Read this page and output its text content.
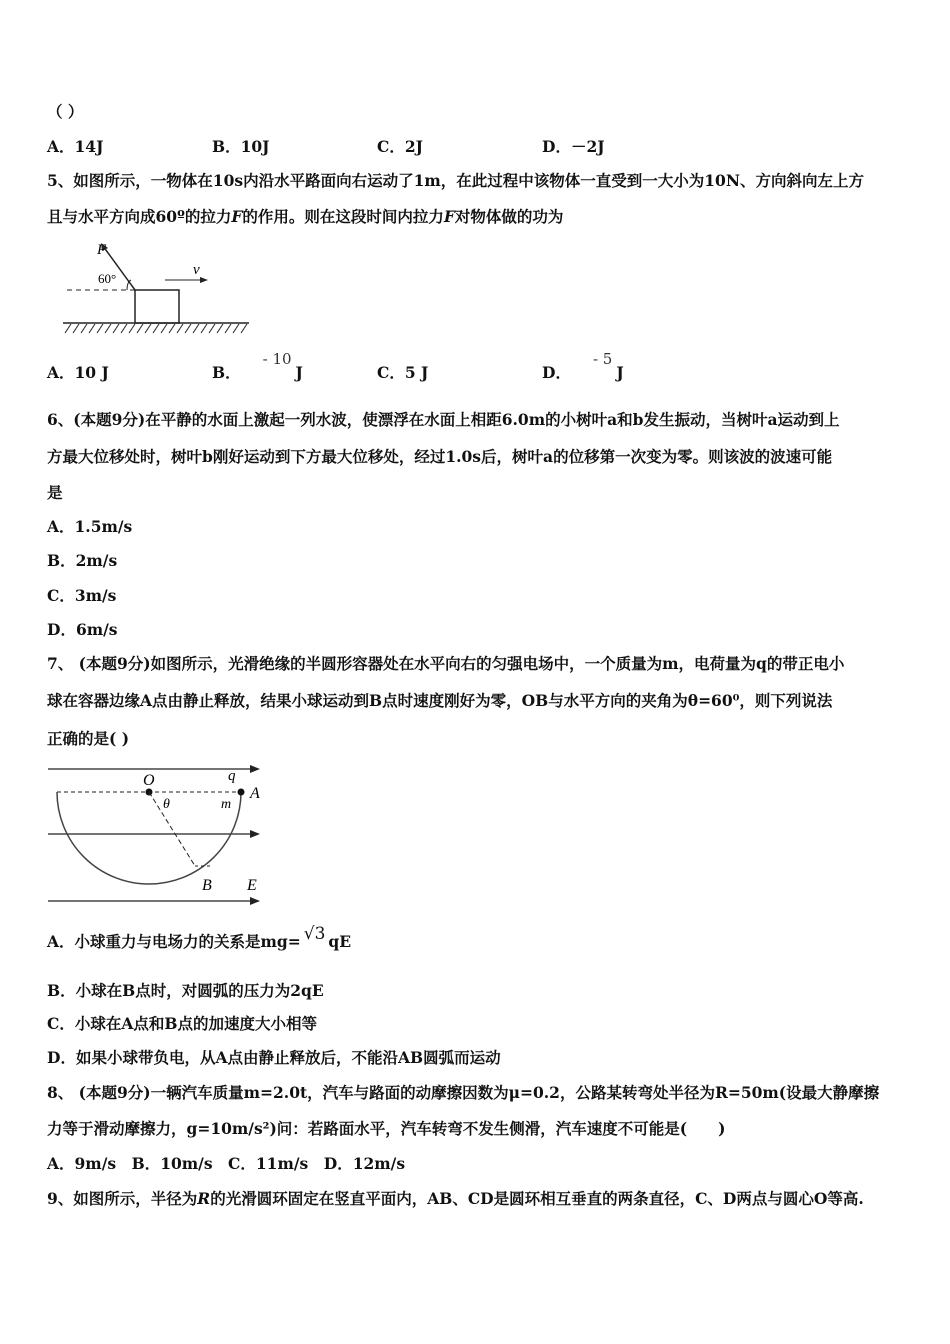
（ ）
A．14J	B．10J	C．2J	D．－2J
5、如图所示，一物体在10s内沿水平路面向右运动了1m，在此过程中该物体一直受到一大小为10N、方向斜向左上方
且与水平方向成60º的拉力F的作用。则在这段时间内拉力F对物体做的功为
F
60°
v
A．10 J	B．- 10J	C．5 J	D．- 5J
6、(本题9分)在平静的水面上激起一列水波，使漂浮在水面上相距6.0m的小树叶a和b发生振动，当树叶a运动到上
方最大位移处时，树叶b刚好运动到下方最大位移处，经过1.0s后，树叶a的位移第一次变为零。则该波的波速可能
是
A．1.5m/s
B．2m/s
C．3m/s
D．6m/s
7、 (本题9分)如图所示，光滑绝缘的半圆形容器处在水平向右的匀强电场中，一个质量为m，电荷量为q的带正电小
球在容器边缘A点由静止释放，结果小球运动到B点时速度刚好为零，OB与水平方向的夹角为θ=60⁰，则下列说法
正确的是( )
O	q
A
m
θ
B E
A．小球重力与电场力的关系是mg= √3 qE
B．小球在B点时，对圆弧的压力为2qE
C．小球在A点和B点的加速度大小相等
D．如果小球带负电，从A点由静止释放后，不能沿AB圆弧而运动
8、 (本题9分)一辆汽车质量m=2.0t，汽车与路面的动摩擦因数为μ=0.2，公路某转弯处半径为R=50m(设最大静摩擦
力等于滑动摩擦力，g=10m/s²)问：若路面水平，汽车转弯不发生侧滑，汽车速度不可能是(　　)
A．9m/s　B．10m/s　C．11m/s　D．12m/s
9、如图所示，半径为R的光滑圆环固定在竖直平面内，AB、CD是圆环相互垂直的两条直径，C、D两点与圆心O等高.
